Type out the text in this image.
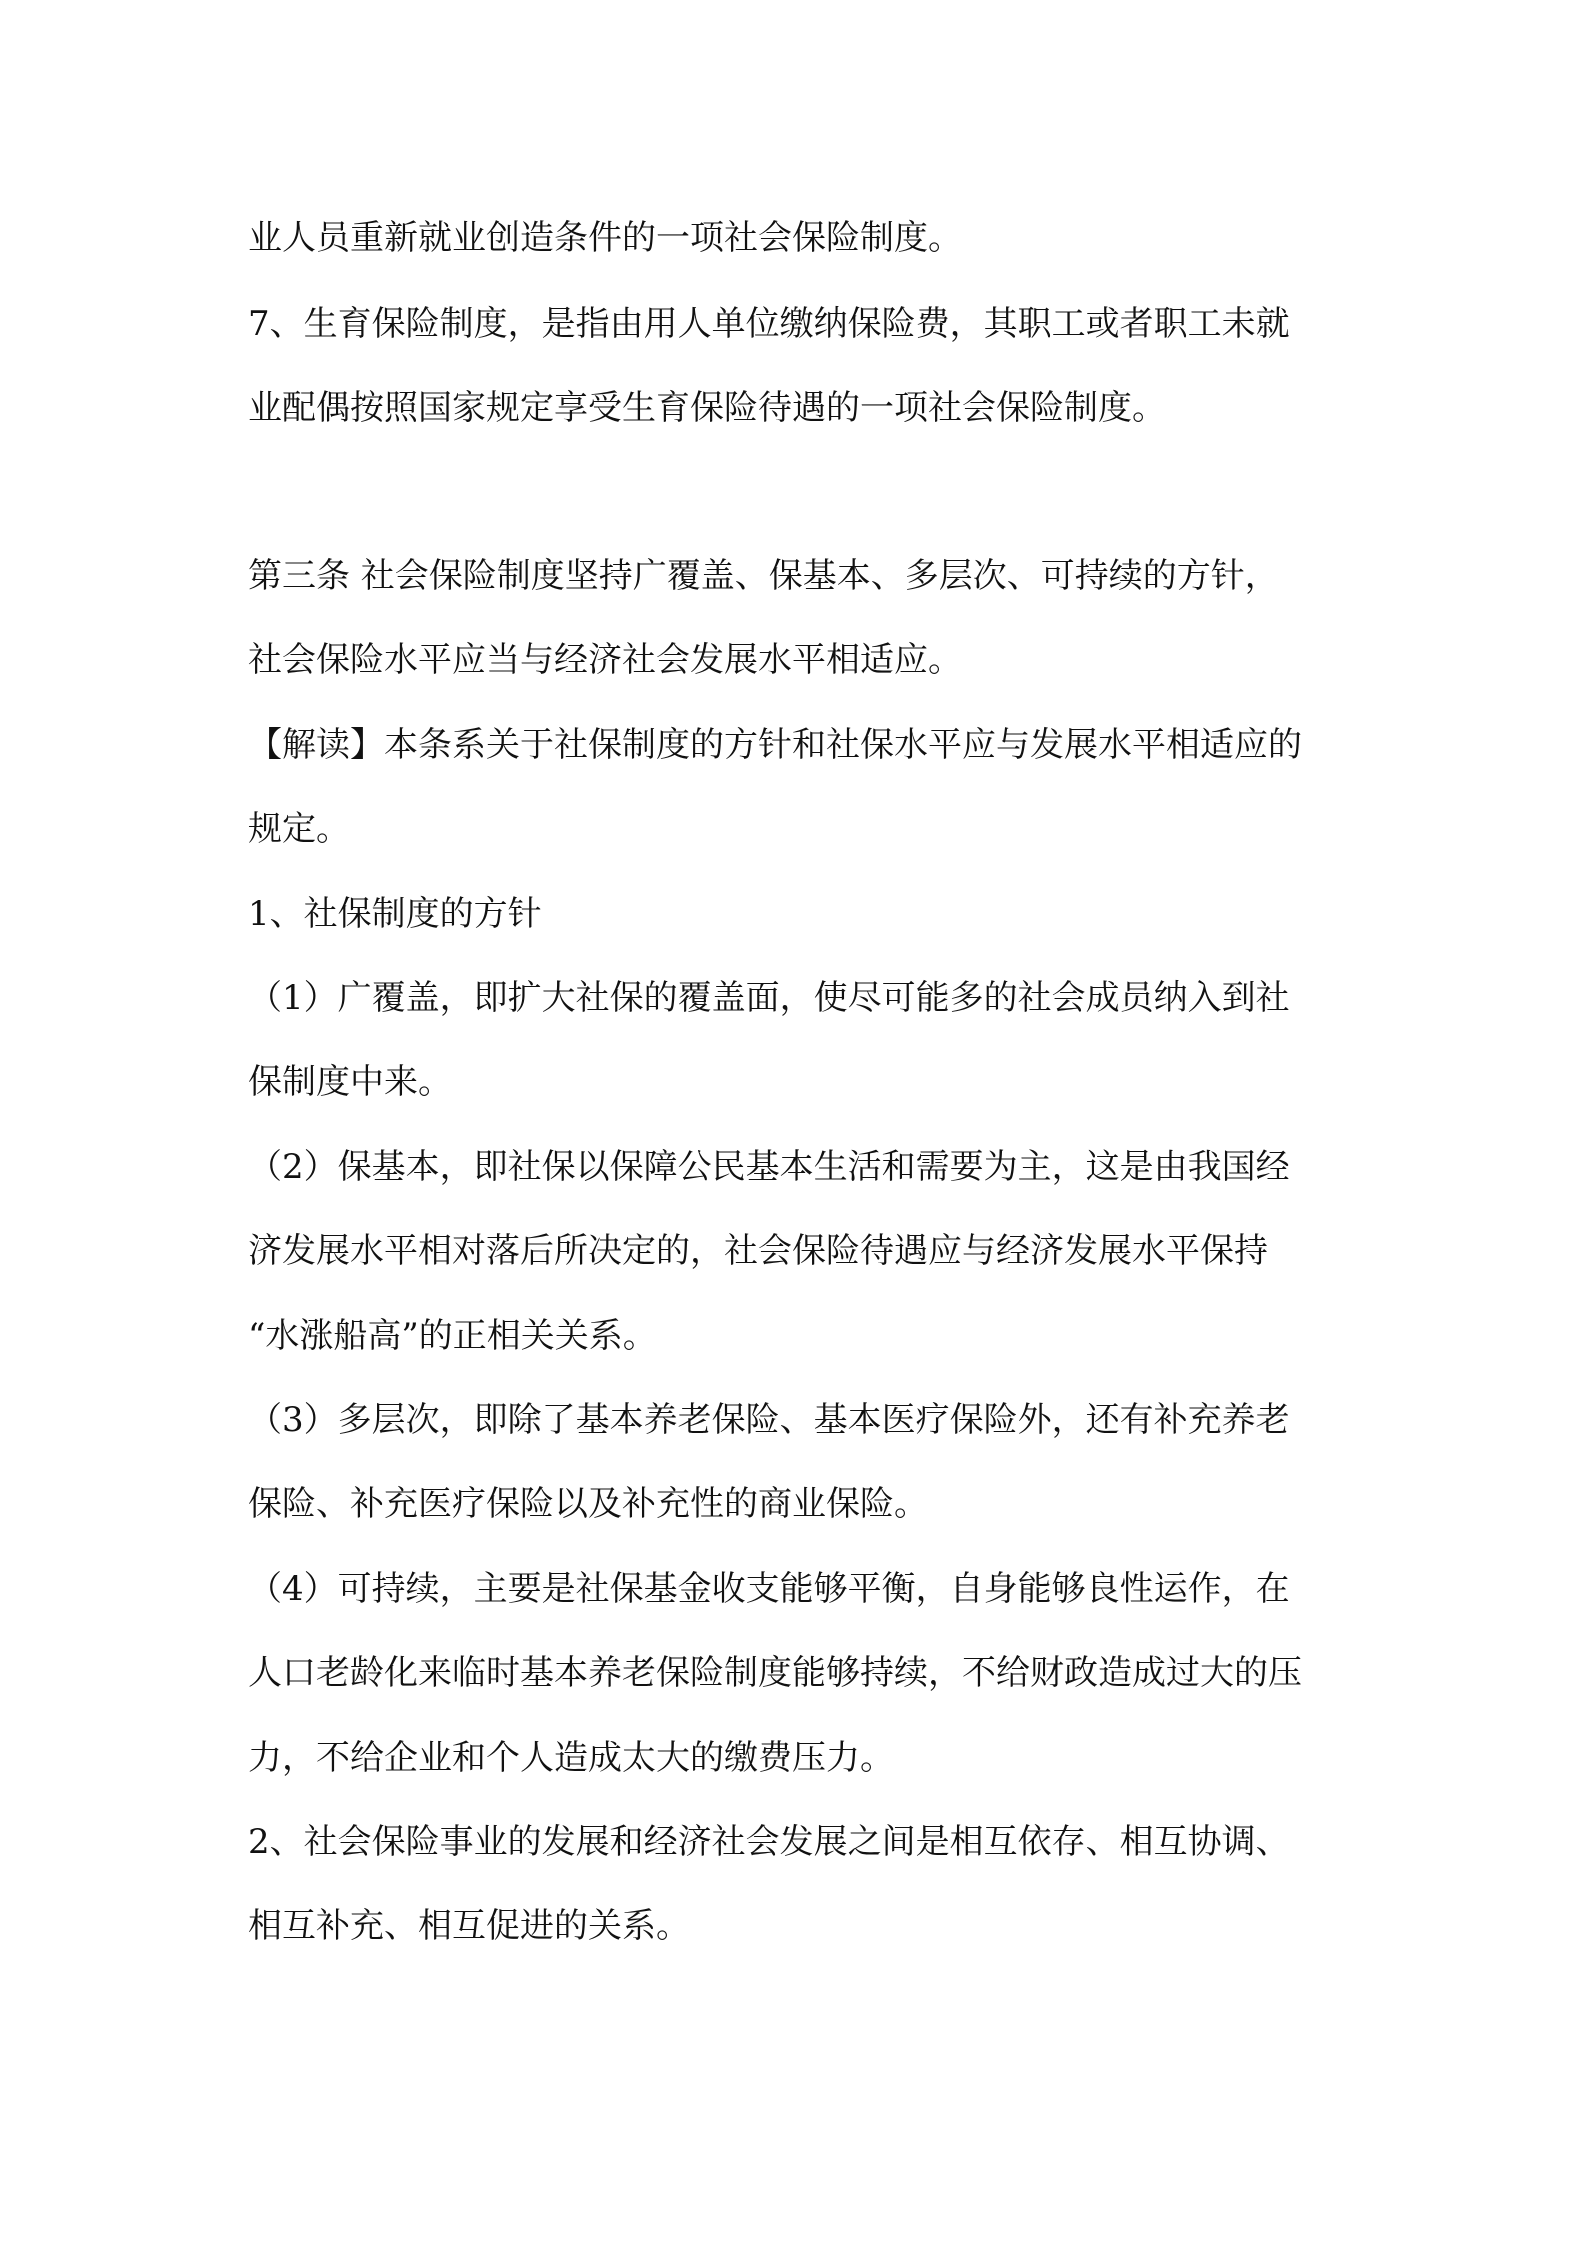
业人员重新就业创造条件的一项社会保险制度。
7、生育保险制度，是指由用人单位缴纳保险费，其职工或者职工未就
业配偶按照国家规定享受生育保险待遇的一项社会保险制度。
第三条 社会保险制度坚持广覆盖、保基本、多层次、可持续的方针，
社会保险水平应当与经济社会发展水平相适应。
【解读】本条系关于社保制度的方针和社保水平应与发展水平相适应的
规定。
1、社保制度的方针
（1）广覆盖，即扩大社保的覆盖面，使尽可能多的社会成员纳入到社
保制度中来。
（2）保基本，即社保以保障公民基本生活和需要为主，这是由我国经
济发展水平相对落后所决定的，社会保险待遇应与经济发展水平保持
“水涨船高”的正相关关系。
（3）多层次，即除了基本养老保险、基本医疗保险外，还有补充养老
保险、补充医疗保险以及补充性的商业保险。
（4）可持续，主要是社保基金收支能够平衡，自身能够良性运作，在
人口老龄化来临时基本养老保险制度能够持续，不给财政造成过大的压
力，不给企业和个人造成太大的缴费压力。
2、社会保险事业的发展和经济社会发展之间是相互依存、相互协调、
相互补充、相互促进的关系。
